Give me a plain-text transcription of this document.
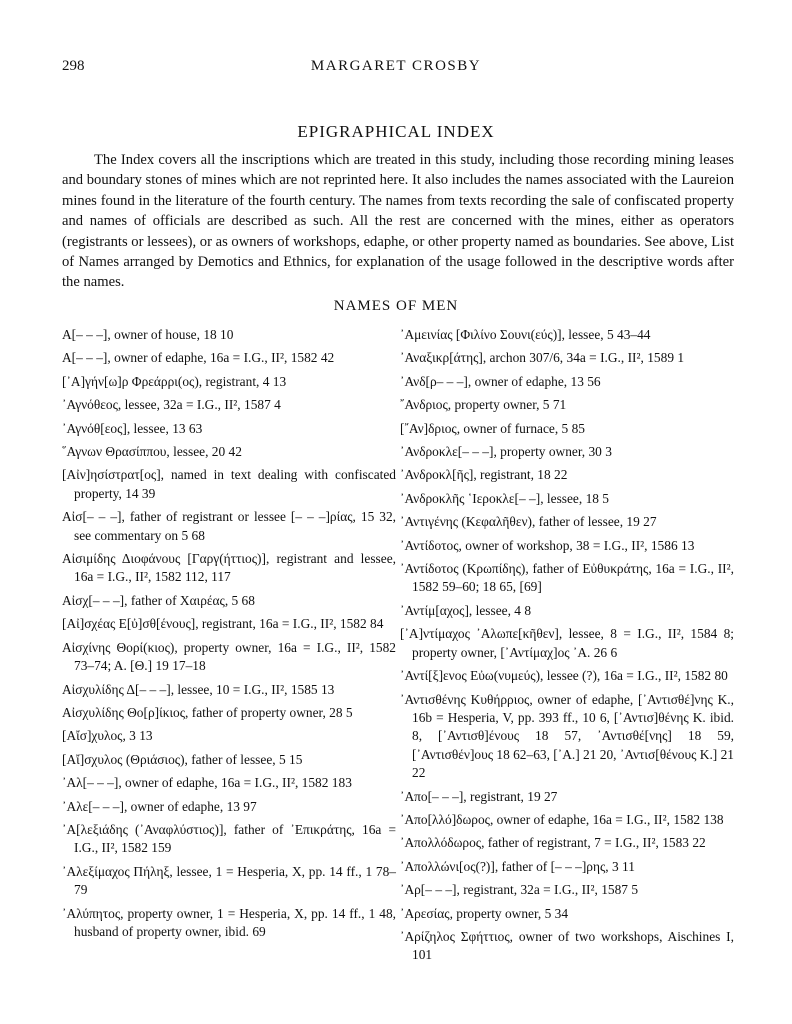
298	MARGARET CROSBY
EPIGRAPHICAL INDEX

The Index covers all the inscriptions which are treated in this study, including those recording mining leases and boundary stones of mines which are not reprinted here. It also includes the names associated with the Laureion mines found in the literature of the fourth century. The names from texts recording the sale of confiscated property and names of officials are described as such. All the rest are concerned with the mines, either as operators (registrants or lessees), or as owners of workshops, edaphe, or other property named as boundaries. See above, List of Names arranged by Demotics and Ethnics, for explanation of the usage followed in the descriptive words after the names.

NAMES OF MEN
A[– – –], owner of house, 18 10
A[– – –], owner of edaphe, 16a = I.G., II², 1582 42
[᾿Α]γήν[ω]ρ Φρεάρρι(ος), registrant, 4 13
᾿Αγνόθεος, lessee, 32a = I.G., II², 1587 4
᾿Αγνόθ[εος], lessee, 13 63
῞Αγνων Θρασίππου, lessee, 20 42
[Αἰν]ησίστρατ[ος], named in text dealing with confiscated property, 14 39
Αἰσ[– – –], father of registrant or lessee [– – –]ρίας, 15 32, see commentary on 5 68
Αἰσιμίδης Διοφάνους [Γαργ(ήττιος)], registrant and lessee, 16a = I.G., II², 1582 112, 117
Αἰσχ[– – –], father of Χαιρέας, 5 68
[Αἰ]σχέας Ε[ὐ]σθ[ένους], registrant, 16a = I.G., II², 1582 84
Αἰσχίνης Θορί(κιος), property owner, 16a = I.G., II², 1582 73–74; A. [Θ.] 19 17–18
Αἰσχυλίδης Δ[– – –], lessee, 10 = I.G., II², 1585 13
Αἰσχυλίδης Θο[ρ]ίκιος, father of property owner, 28 5
[Αἴσ]χυλος, 3 13
[Αἴ]σχυλος (Θριάσιος), father of lessee, 5 15
᾿Αλ[– – –], owner of edaphe, 16a = I.G., II², 1582 183
᾿Αλε[– – –], owner of edaphe, 13 97
᾿Α[λεξιάδης (᾿Αναφλύστιος)], father of ᾿Επικράτης, 16a = I.G., II², 1582 159
᾿Αλεξίμαχος Πήληξ, lessee, 1 = Hesperia, X, pp. 14 ff., 1 78–79
᾿Αλύπητος, property owner, 1 = Hesperia, X, pp. 14 ff., 1 48, husband of property owner, ibid. 69
᾿Αμεινίας [Φιλίνο Σουνι(εύς)], lessee, 5 43–44
᾿Αναξικρ[άτης], archon 307/6, 34a = I.G., II², 1589 1
᾿Ανδ[ρ– – –], owner of edaphe, 13 56
῎Ανδριος, property owner, 5 71
[῎Αν]δριος, owner of furnace, 5 85
᾿Ανδροκλε[– – –], property owner, 30 3
᾿Ανδροκλ[ῆς], registrant, 18 22
᾿Ανδροκλῆς ῾Ιεροκλε[– –], lessee, 18 5
᾿Αντιγένης (Κεφαλῆθεν), father of lessee, 19 27
᾿Αντίδοτος, owner of workshop, 38 = I.G., II², 1586 13
᾿Αντίδοτος (Κρωπίδης), father of Εὐθυκράτης, 16a = I.G., II², 1582 59–60; 18 65, [69]
᾿Αντίμ[αχος], lessee, 4 8
[᾿Α]ντίμαχος ᾿Αλωπε[κῆθεν], lessee, 8 = I.G., II², 1584 8; property owner, [᾿Αντίμαχ]ος ᾿Α. 26 6
᾿Αντί[ξ]ενος Εὐω(νυμεύς), lessee (?), 16a = I.G., II², 1582 80
᾿Αντισθένης Κυθήρριος, owner of edaphe, [᾿Αντισθέ]νης K., 16b = Hesperia, V, pp. 393 ff., 10 6, [᾿Αντισ]θένης K. ibid. 8, [᾿Αντισθ]ένους 18 57, ᾿Αντισθέ[νης] 18 59, [᾿Αντισθέν]ους 18 62–63, [᾿Α.] 21 20, ᾿Αντισ[θένους K.] 21 22
᾿Απο[– – –], registrant, 19 27
᾿Απο[λλό]δωρος, owner of edaphe, 16a = I.G., II², 1582 138
᾿Απολλόδωρος, father of registrant, 7 = I.G., II², 1583 22
᾿Απολλώνι[ος(?)], father of [– – –]ρης, 3 11
᾿Αρ[– – –], registrant, 32a = I.G., II², 1587 5
᾿Αρεσίας, property owner, 5 34
᾿Αρίζηλος Σφήττιος, owner of two workshops, Aischines I, 101
